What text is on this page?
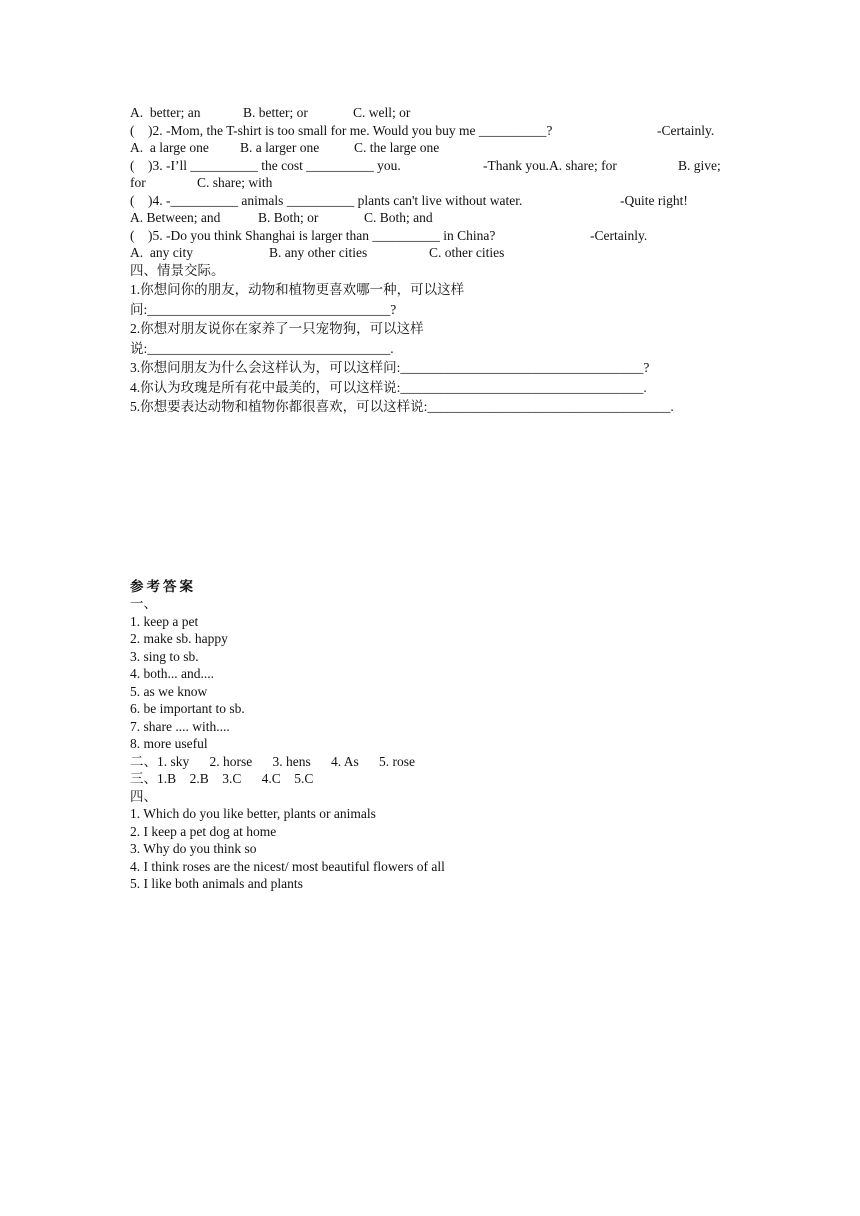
A.  better; an

	B. better; or

	C. well; or

(    )2. -Mom, the T-shirt is too small for me. Would you buy me __________?

	-Certainly.

A.  a large one

B. a larger one

	C. the large one

(    )3. -I’ll __________ the cost __________ you.

	-Thank you.A. share; for

	B. give;

for

	C. share; with

(    )4. -__________ animals __________ plants can't live without water.

	-Quite right!

A. Between; and

	B. Both; or

	C. Both; and

(    )5. -Do you think Shanghai is larger than __________ in China?

	-Certainly.

A.  any city

	B. any other cities

	C. other cities

四、情景交际。
1.你想问你的朋友，动物和植物更喜欢哪一种，可以这样
问:____________________________________?
2.你想对朋友说你在家养了一只宠物狗，可以这样
说:____________________________________.
3.你想问朋友为什么会这样认为，可以这样问:____________________________________?
4.你认为玫瑰是所有花中最美的，可以这样说:____________________________________.
5.你想要表达动物和植物你都很喜欢，可以这样说:____________________________________.
参考答案
一、
1. keep a pet
2. make sb. happy
3. sing to sb.
4. both... and....
5. as we know
6. be important to sb.
7. share .... with....
8. more useful
二、1. sky      2. horse      3. hens      4. As      5. rose
三、1.B    2.B    3.C      4.C    5.C
四、
1. Which do you like better, plants or animals
2. I keep a pet dog at home
3. Why do you think so
4. I think roses are the nicest/ most beautiful flowers of all
5. I like both animals and plants
